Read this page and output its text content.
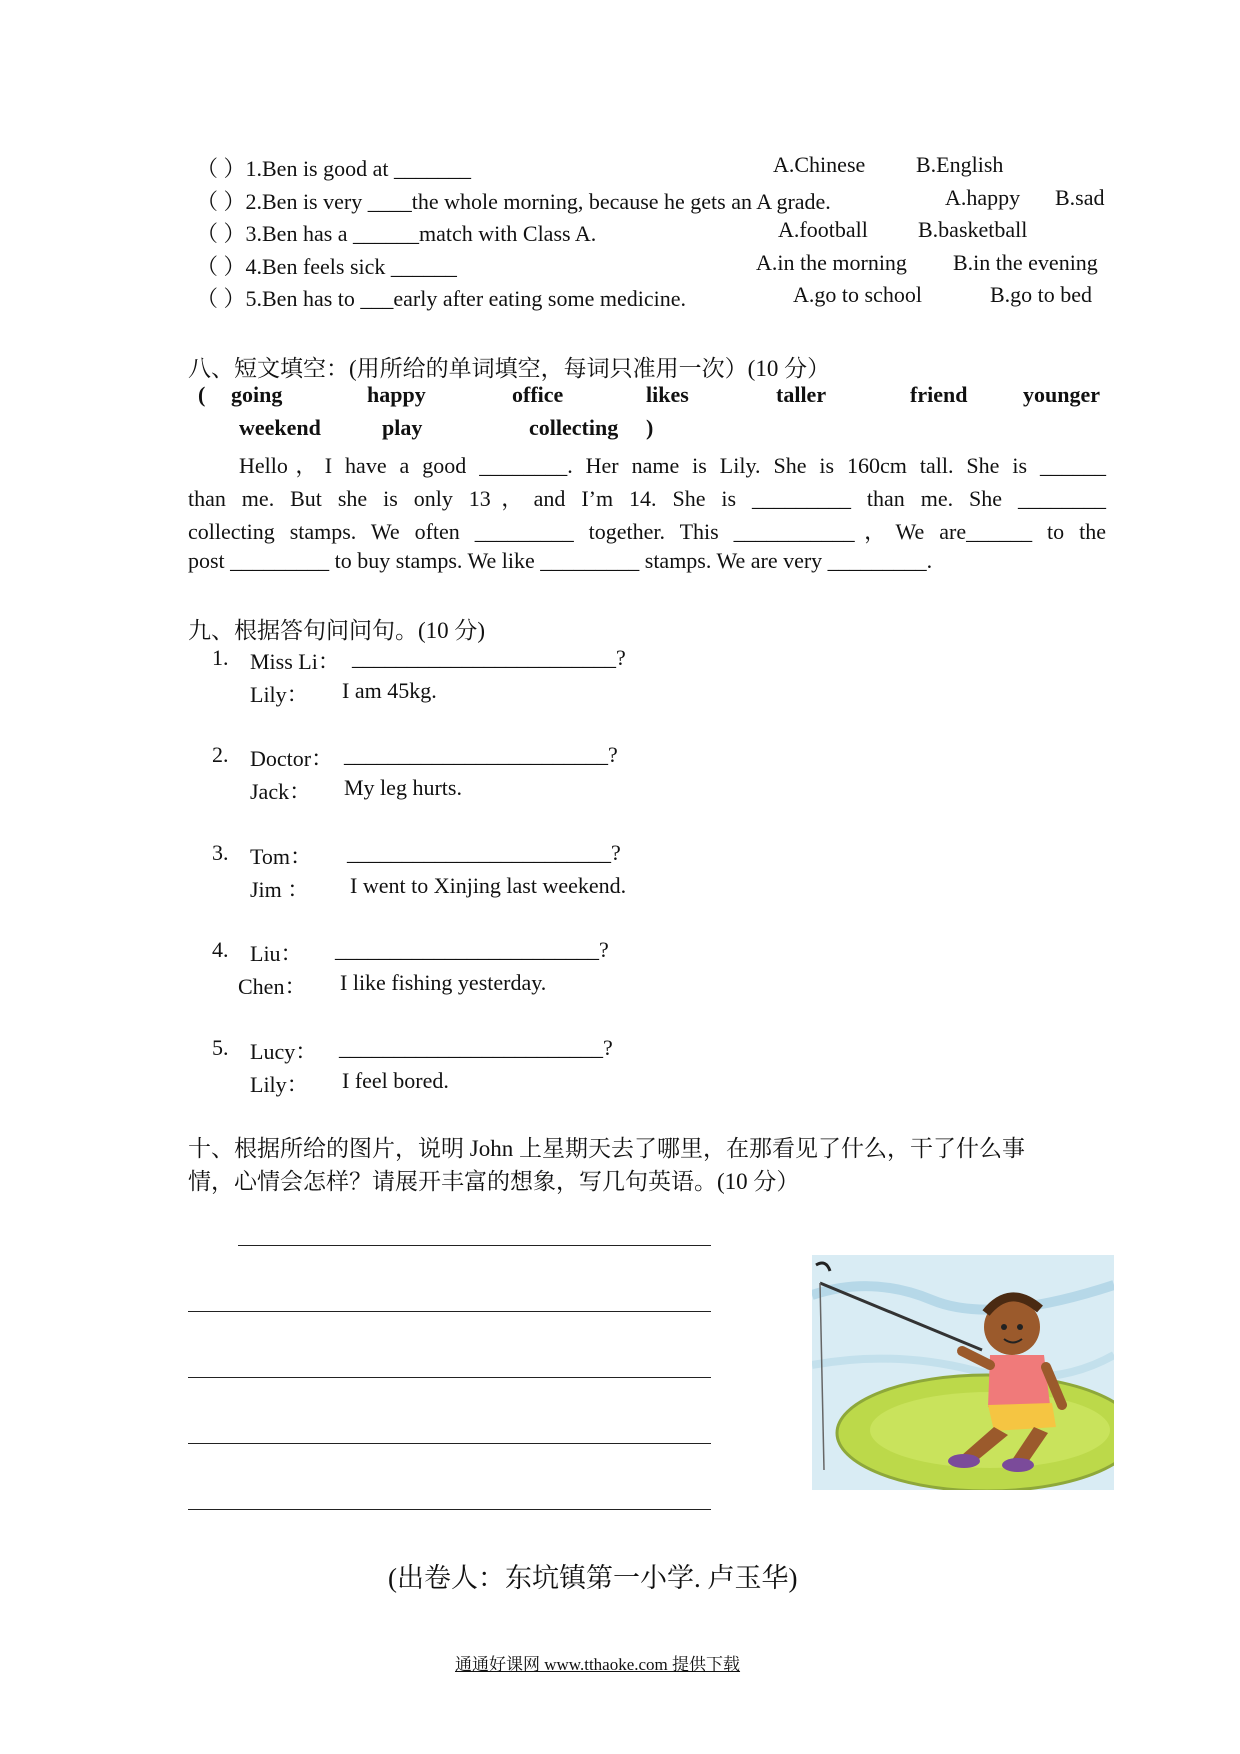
（ ）1.Ben is good at _______	A.Chinese B.English
（ ）2.Ben is very ____the whole morning, because he gets an A grade.	A.happy B.sad
（ ）3.Ben has a ______match with Class A.	A.football B.basketball
（ ）4.Ben feels sick ______	A.in the morning B.in the evening
（ ）5.Ben has to ___early after eating some medicine.	A.go to school	B.go to bed
八、短文填空：(用所给的单词填空，每词只准用一次）(10 分）
( going	happy	office	likes	taller	friend	younger
weekend	play	collecting )
Hello，I have a good ________. Her name is Lily. She is 160cm tall. She is ______
than me. But she is only 13，and I’m 14. She is _________ than me. She ________
collecting stamps. We often _________ together. This ___________，We are______ to the
post _________ to buy stamps. We like _________ stamps. We are very _________.
九、根据答句问问句。(10 分)
1. Miss Li： ________________________?
Lily： I am 45kg.
2. Doctor： ________________________?
Jack： My leg hurts.
3. Tom： ________________________?
Jim ： I went to Xinjing last weekend.
4. Liu： ________________________?
Chen： I like fishing yesterday.
5. Lucy： ________________________?
Lily： I feel bored.
十、根据所给的图片，说明 John 上星期天去了哪里，在那看见了什么，干了什么事
情，心情会怎样？请展开丰富的想象，写几句英语。(10 分）
(出卷人：东坑镇第一小学. 卢玉华)
通通好课网 www.tthaoke.com 提供下载
